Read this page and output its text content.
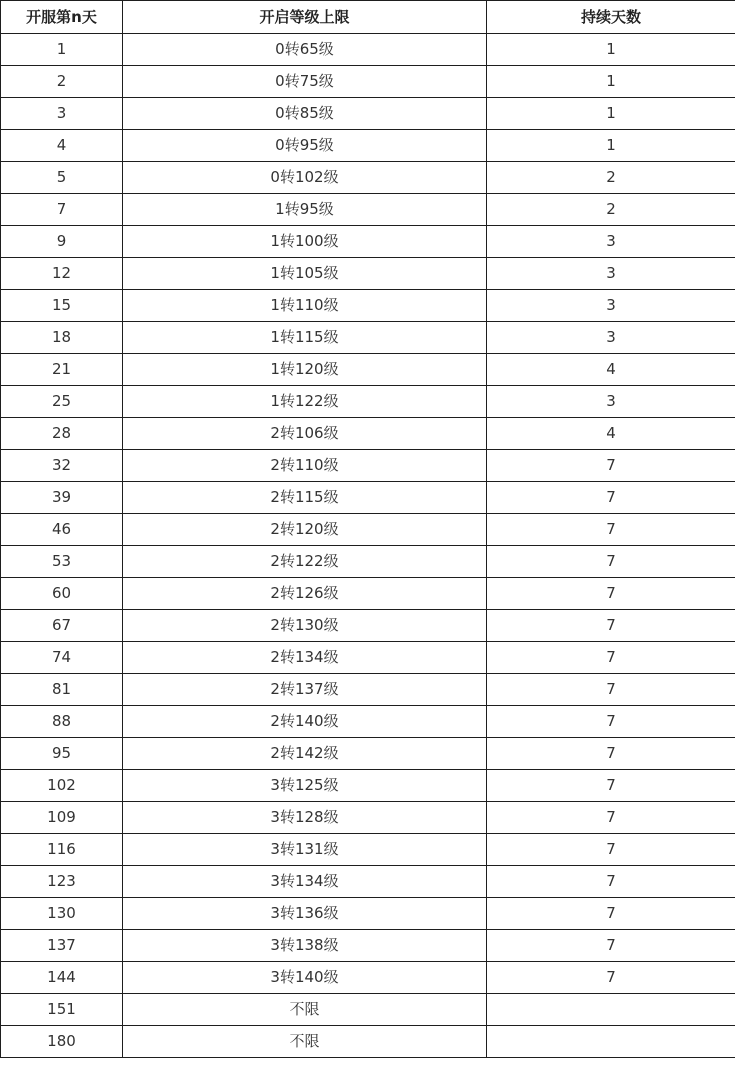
开服第n天	开启等级上限	持续天数
1	0转65级	1
2	0转75级	1
3	0转85级	1
4	0转95级	1
5	0转102级	2
7	1转95级	2
9	1转100级	3
12	1转105级	3
15	1转110级	3
18	1转115级	3
21	1转120级	4
25	1转122级	3
28	2转106级	4
32	2转110级	7
39	2转115级	7
46	2转120级	7
53	2转122级	7
60	2转126级	7
67	2转130级	7
74	2转134级	7
81	2转137级	7
88	2转140级	7
95	2转142级	7
102	3转125级	7
109	3转128级	7
116	3转131级	7
123	3转134级	7
130	3转136级	7
137	3转138级	7
144	3转140级	7
151	不限	
180	不限	
